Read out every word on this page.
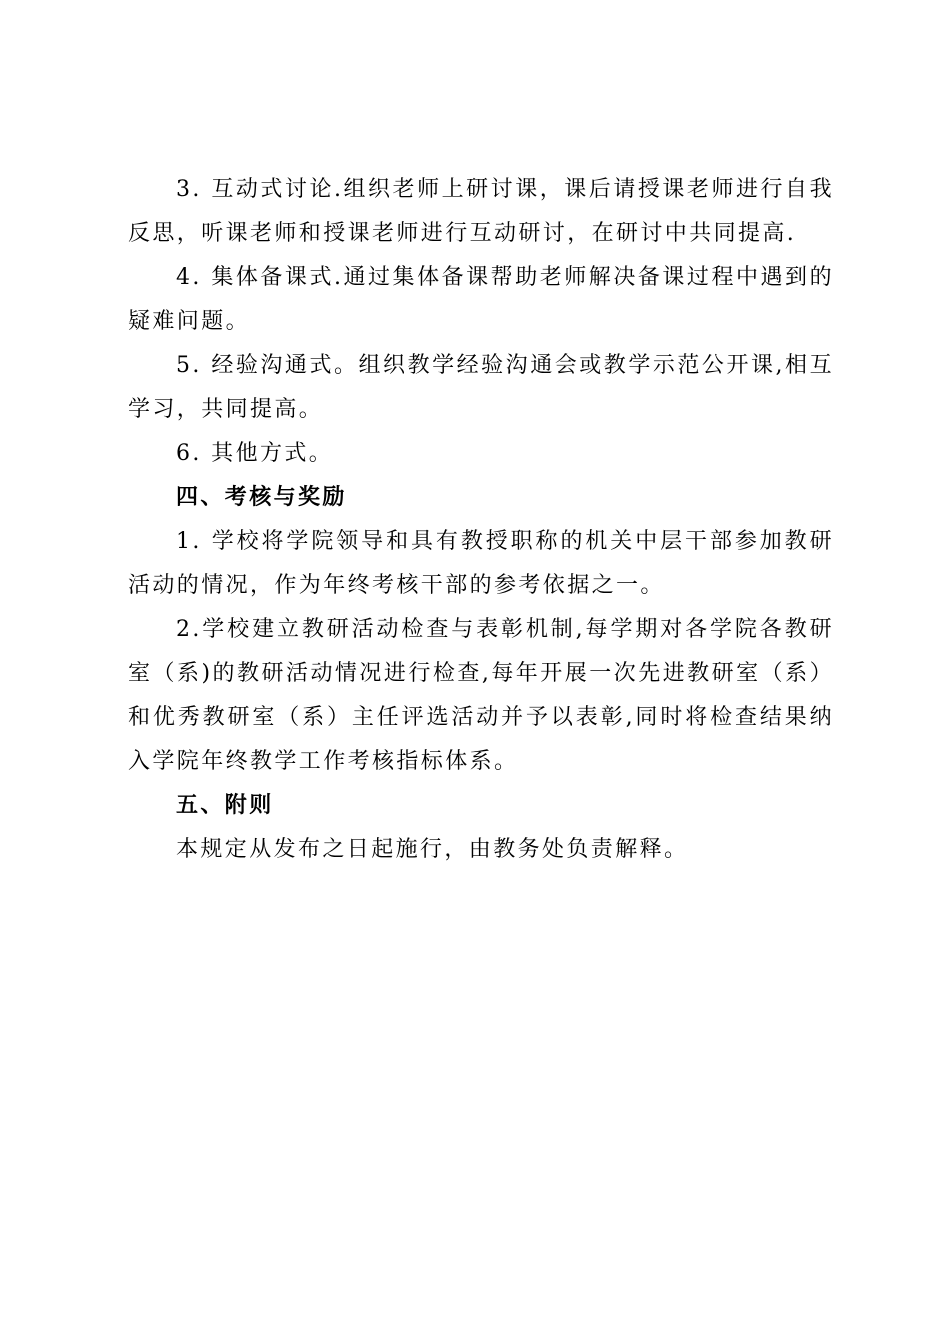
3. 互动式讨论.组织老师上研讨课，课后请授课老师进行自我反思，听课老师和授课老师进行互动研讨，在研讨中共同提高.

4. 集体备课式.通过集体备课帮助老师解决备课过程中遇到的疑难问题。

5. 经验沟通式。组织教学经验沟通会或教学示范公开课,相互学习，共同提高。

6. 其他方式。

四、考核与奖励

1. 学校将学院领导和具有教授职称的机关中层干部参加教研活动的情况，作为年终考核干部的参考依据之一。

2.学校建立教研活动检查与表彰机制,每学期对各学院各教研室（系)的教研活动情况进行检查,每年开展一次先进教研室（系）和优秀教研室（系）主任评选活动并予以表彰,同时将检查结果纳入学院年终教学工作考核指标体系。

五、附则

本规定从发布之日起施行，由教务处负责解释。
